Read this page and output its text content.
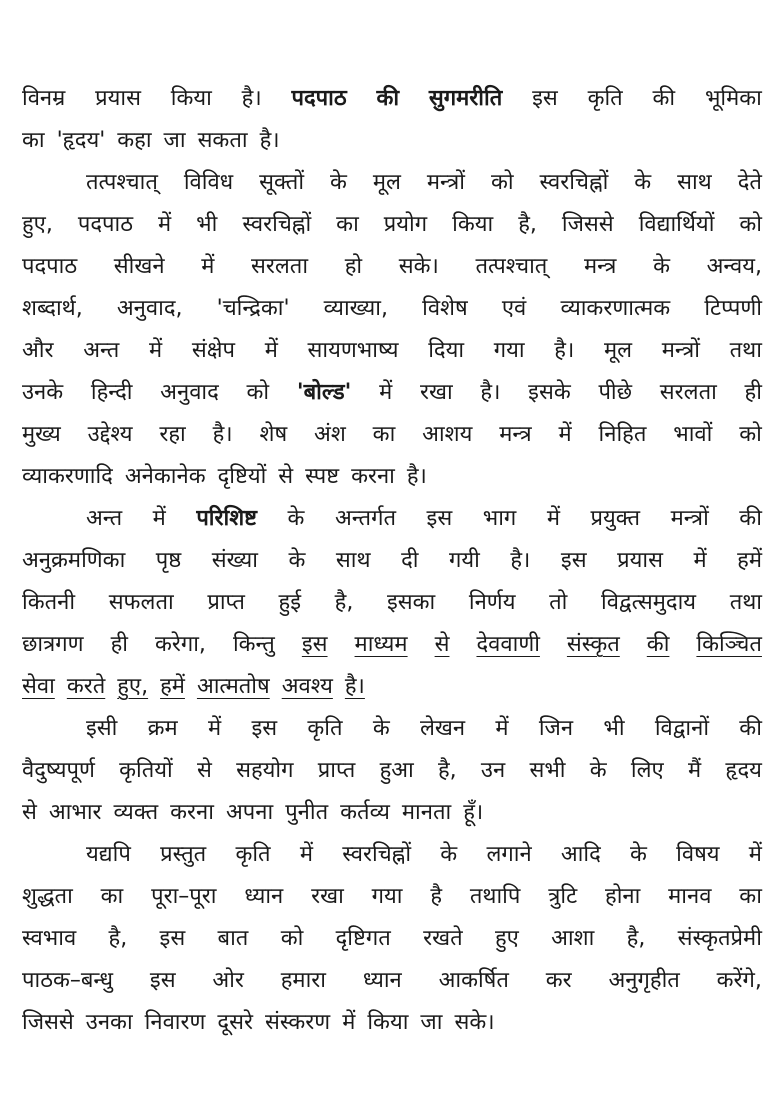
विनम्र प्रयास किया है। पदपाठ की सुगमरीति इस कृति की भूमिका
का 'हृदय' कहा जा सकता है।
तत्पश्चात् विविध सूक्तों के मूल मन्त्रों को स्वरचिह्नों के साथ देते
हुए, पदपाठ में भी स्वरचिह्नों का प्रयोग किया है, जिससे विद्यार्थियों को
पदपाठ सीखने में सरलता हो सके। तत्पश्चात् मन्त्र के अन्वय,
शब्दार्थ, अनुवाद, 'चन्द्रिका' व्याख्या, विशेष एवं व्याकरणात्मक टिप्पणी
और अन्त में संक्षेप में सायणभाष्य दिया गया है। मूल मन्त्रों तथा
उनके हिन्दी अनुवाद को 'बोल्ड' में रखा है। इसके पीछे सरलता ही
मुख्य उद्देश्य रहा है। शेष अंश का आशय मन्त्र में निहित भावों को
व्याकरणादि अनेकानेक दृष्टियों से स्पष्ट करना है।
अन्त में परिशिष्ट के अन्तर्गत इस भाग में प्रयुक्त मन्त्रों की
अनुक्रमणिका पृष्ठ संख्या के साथ दी गयी है। इस प्रयास में हमें
कितनी सफलता प्राप्त हुई है, इसका निर्णय तो विद्वत्समुदाय तथा
छात्रगण ही करेगा, किन्तु इस माध्यम से देववाणी संस्कृत की किञ्चित
सेवा करते हुए, हमें आत्मतोष अवश्य है।
इसी क्रम में इस कृति के लेखन में जिन भी विद्वानों की
वैदुष्यपूर्ण कृतियों से सहयोग प्राप्त हुआ है, उन सभी के लिए मैं हृदय
से आभार व्यक्त करना अपना पुनीत कर्तव्य मानता हूँ।
यद्यपि प्रस्तुत कृति में स्वरचिह्नों के लगाने आदि के विषय में
शुद्धता का पूरा–पूरा ध्यान रखा गया है तथापि त्रुटि होना मानव का
स्वभाव है, इस बात को दृष्टिगत रखते हुए आशा है, संस्कृतप्रेमी
पाठक–बन्धु इस ओर हमारा ध्यान आकर्षित कर अनुगृहीत करेंगे,
जिससे उनका निवारण दूसरे संस्करण में किया जा सके।
